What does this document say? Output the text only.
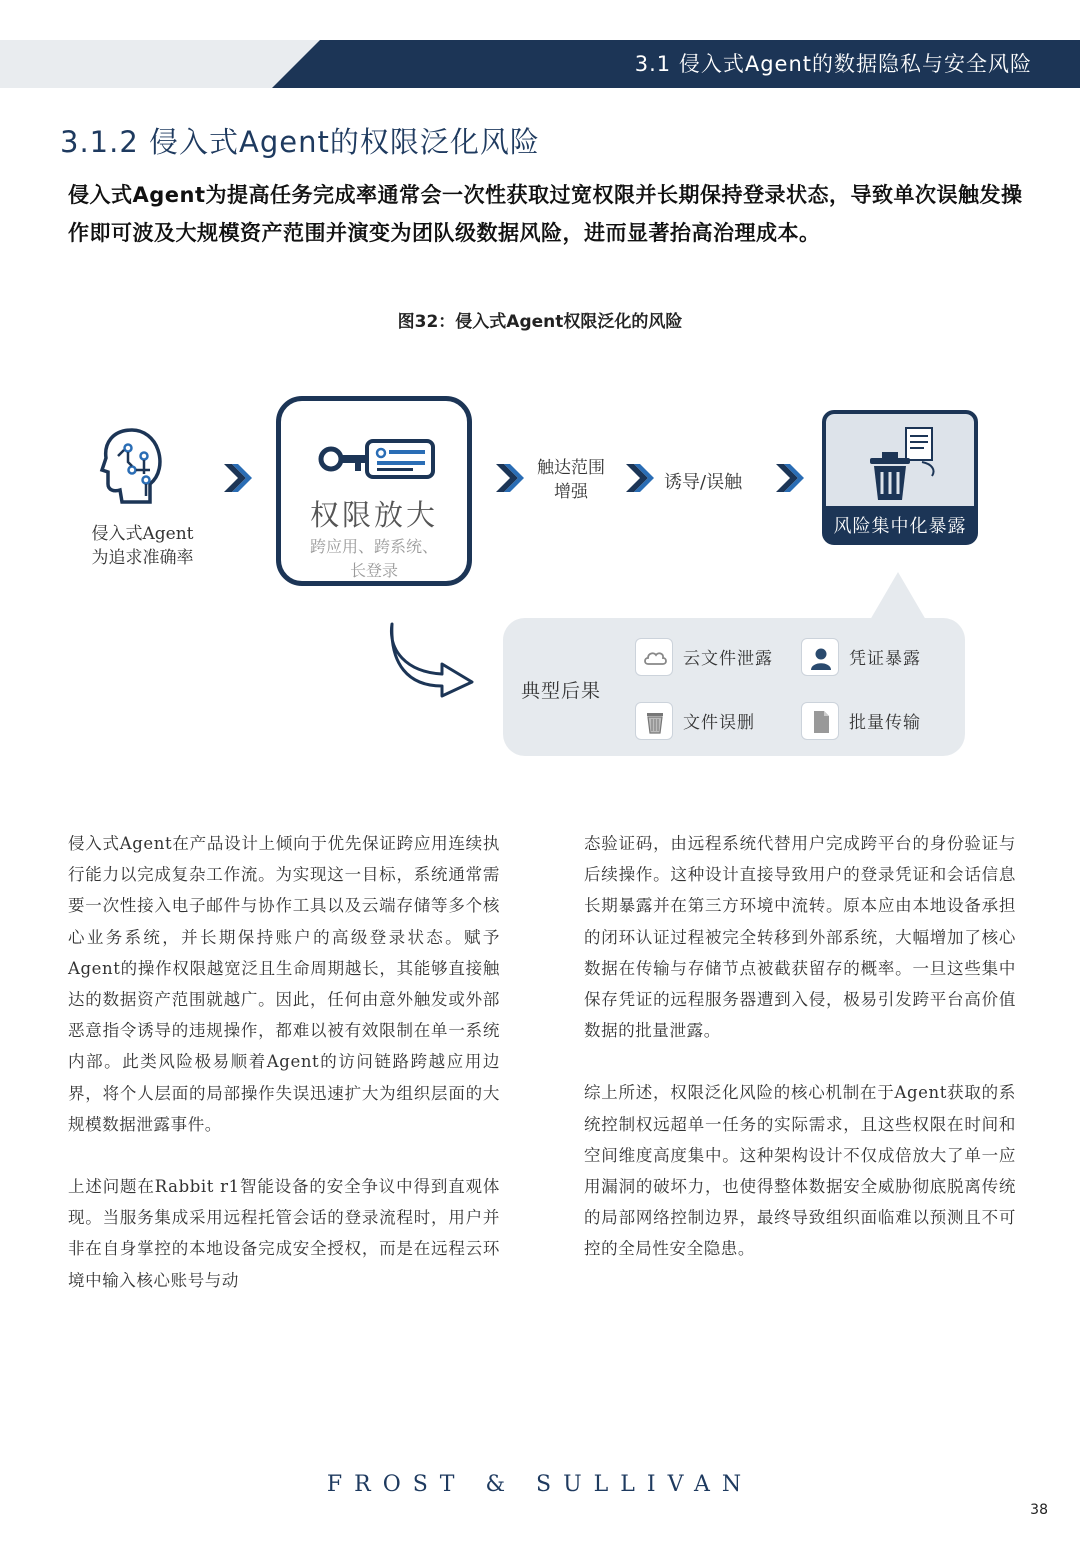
3.1 侵入式Agent的数据隐私与安全风险
3.1.2 侵入式Agent的权限泛化风险
侵入式Agent为提高任务完成率通常会一次性获取过宽权限并长期保持登录状态，导致单次误触发操作即可波及大规模资产范围并演变为团队级数据风险，进而显著抬高治理成本。
图32：侵入式Agent权限泛化的风险
侵入式Agent
为追求准确率
权限放大
跨应用、跨系统、
长登录
触达范围
增强	诱导/误触
风险集中化暴露
典型后果
云文件泄露	凭证暴露
文件误删	批量传输

侵入式Agent在产品设计上倾向于优先保证跨应用连续执行能力以完成复杂工作流。为实现这一目标，系统通常需要一次性接入电子邮件与协作工具以及云端存储等多个核心业务系统，并长期保持账户的高级登录状态。赋予Agent的操作权限越宽泛且生命周期越长，其能够直接触达的数据资产范围就越广。因此，任何由意外触发或外部恶意指令诱导的违规操作，都难以被有效限制在单一系统内部。此类风险极易顺着Agent的访问链路跨越应用边界，将个人层面的局部操作失误迅速扩大为组织层面的大规模数据泄露事件。

上述问题在Rabbit r1智能设备的安全争议中得到直观体现。当服务集成采用远程托管会话的登录流程时，用户并非在自身掌控的本地设备完成安全授权，而是在远程云环境中输入核心账号与动

态验证码，由远程系统代替用户完成跨平台的身份验证与后续操作。这种设计直接导致用户的登录凭证和会话信息长期暴露并在第三方环境中流转。原本应由本地设备承担的闭环认证过程被完全转移到外部系统，大幅增加了核心数据在传输与存储节点被截获留存的概率。一旦这些集中保存凭证的远程服务器遭到入侵，极易引发跨平台高价值数据的批量泄露。

综上所述，权限泛化风险的核心机制在于Agent获取的系统控制权远超单一任务的实际需求，且这些权限在时间和空间维度高度集中。这种架构设计不仅成倍放大了单一应用漏洞的破坏力，也使得整体数据安全威胁彻底脱离传统的局部网络控制边界，最终导致组织面临难以预测且不可控的全局性安全隐患。

FROST & SULLIVAN
38
